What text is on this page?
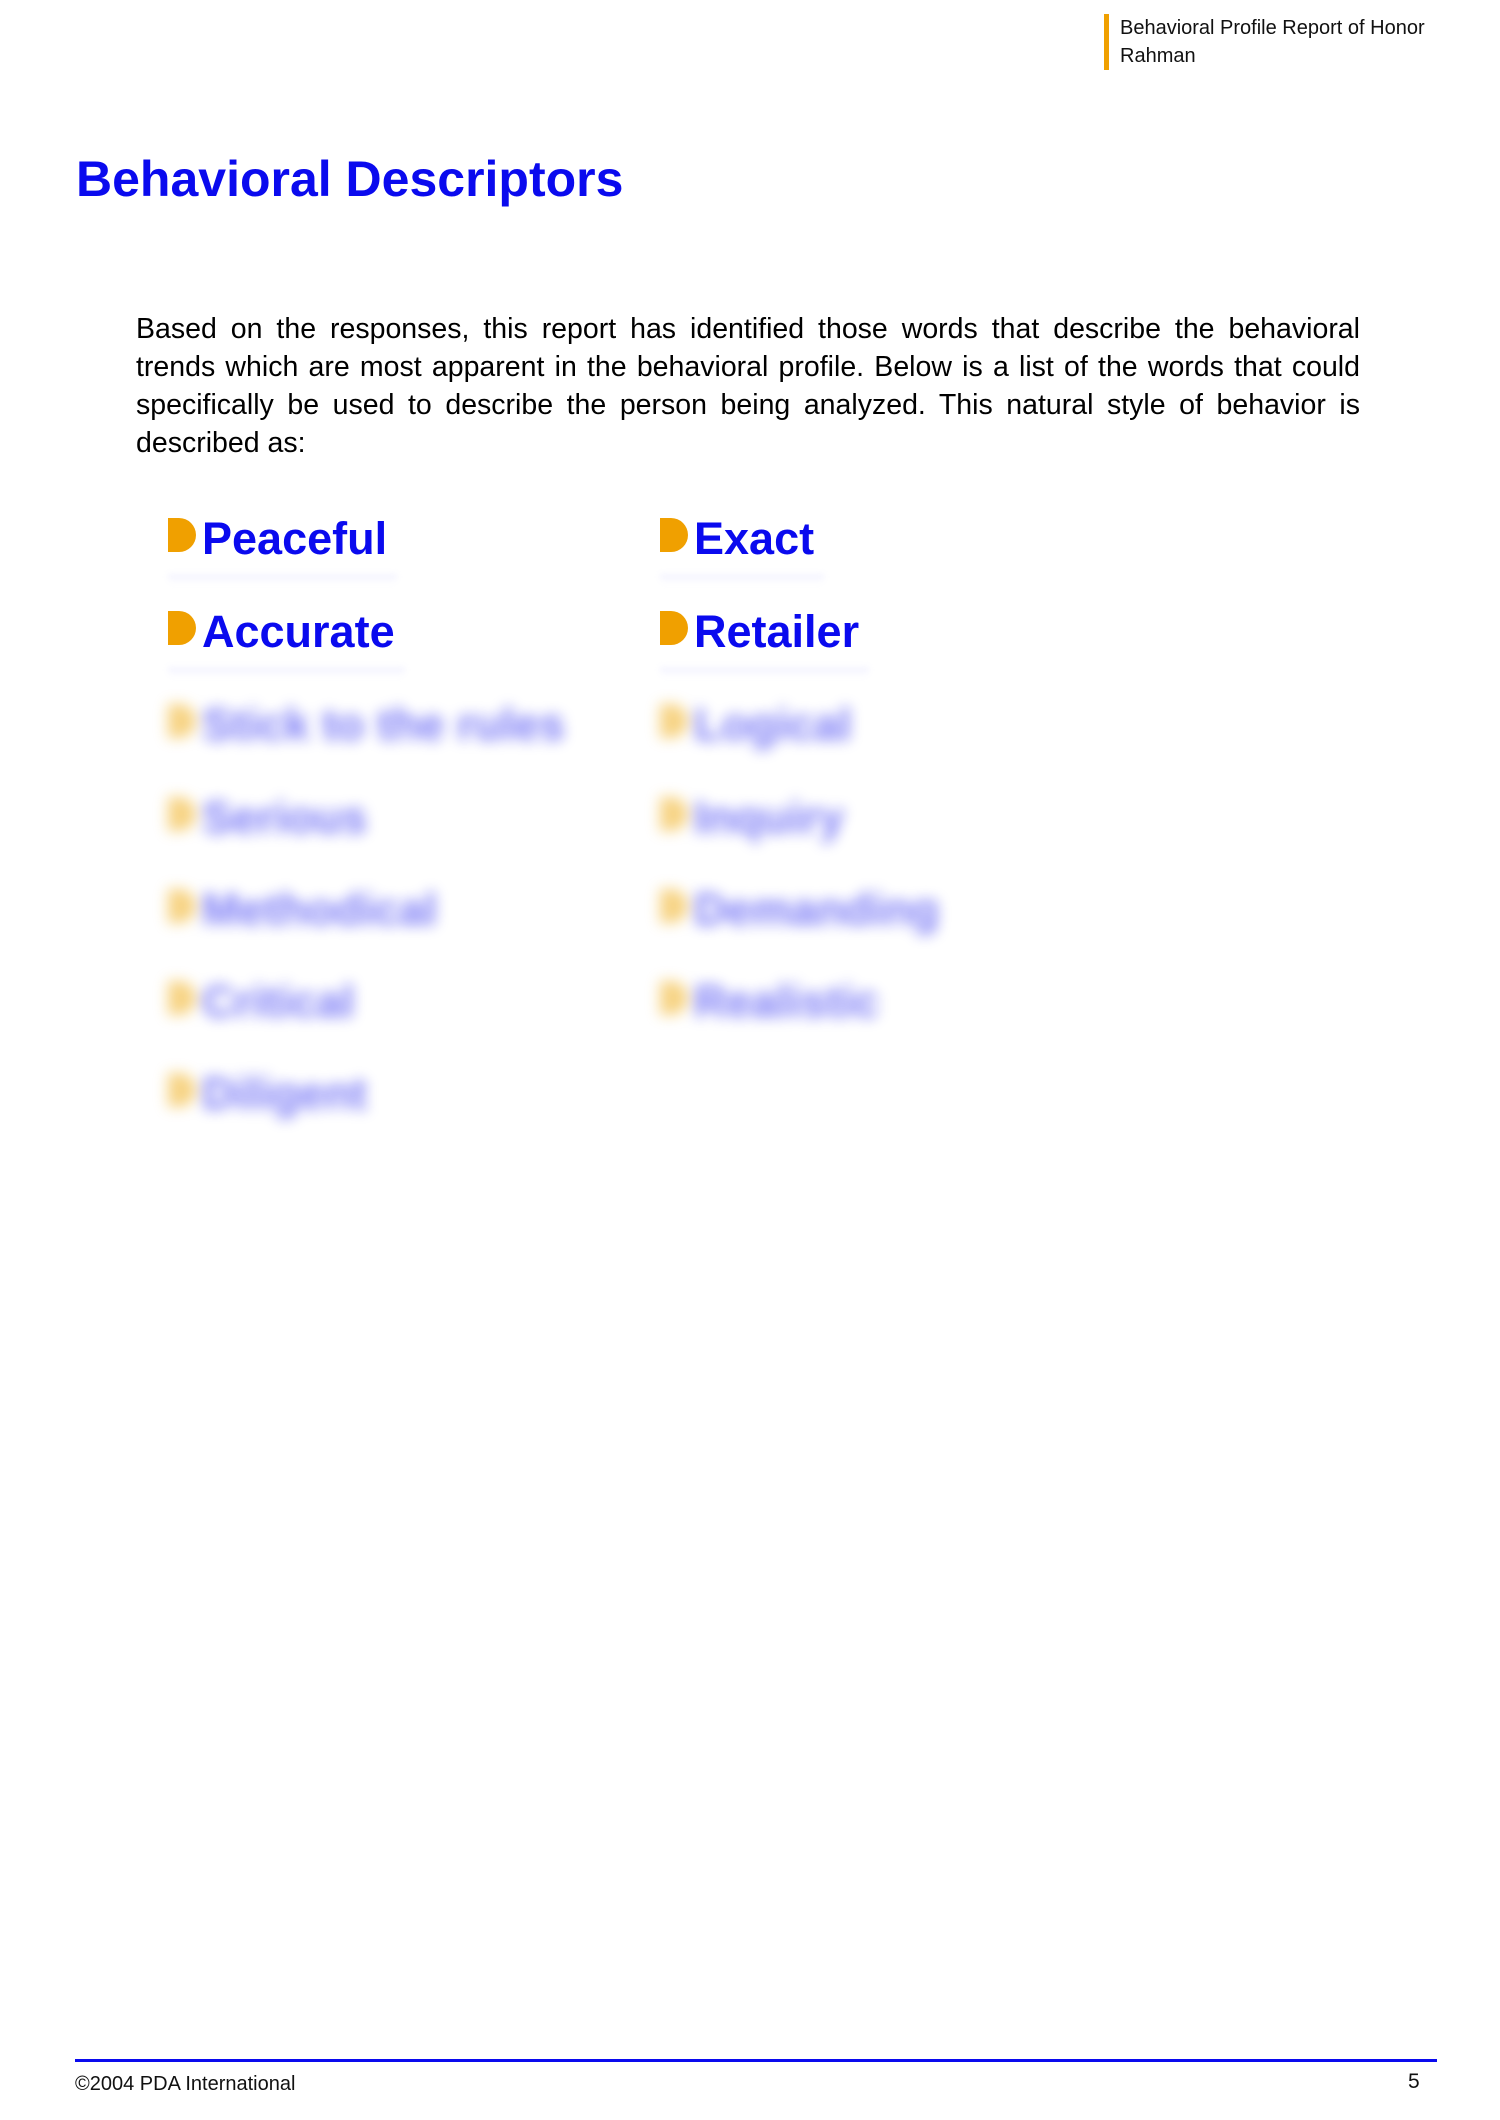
Behavioral Profile Report of Honor Rahman
Behavioral Descriptors

Based on the responses, this report has identified those words that describe the behavioral trends which are most apparent in the behavioral profile. Below is a list of the words that could specifically be used to describe the person being analyzed. This natural style of behavior is described as:

Peaceful
Accurate
Stick to the rules
Serious
Methodical
Critical
Diligent
Exact
Retailer
Logical
Inquiry
Demanding
Realistic
©2004 PDA International	5
